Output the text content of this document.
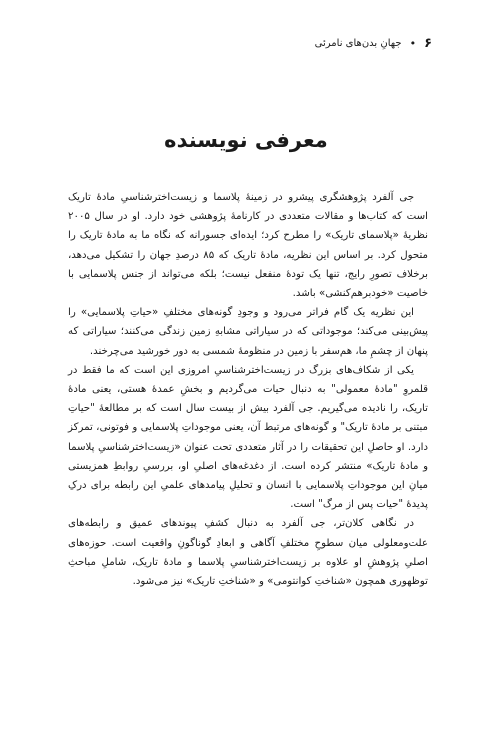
۶
•
جهانِ بدن‌های نامرئی
معرفی نویسنده

جی آلفرد پژوهشگری پیشرو در زمینهٔ پلاسما و زیست‌اخترشناسیِ مادهٔ تاریک است که کتاب‌ها و مقالات متعددی در کارنامهٔ پژوهشی خود دارد. او در سال ۲۰۰۵ نظریهٔ «پلاسمای تاریک» را مطرح کرد؛ ایده‌ای جسورانه که نگاه ما به مادهٔ تاریک را متحول کرد. بر اساس این نظریه، مادهٔ تاریک که ۸۵ درصدِ جهان را تشکیل می‌دهد، برخلاف تصورِ رایج، تنها یک تودهٔ منفعل نیست؛ بلکه می‌تواند از جنس پلاسمایی با خاصیت «خودبرهم‌کنشی» باشد.

این نظریه یک گام فراتر می‌رود و وجودِ گونه‌های مختلفِ «حیاتِ پلاسمایی» را پیش‌بینی می‌کند؛ موجوداتی که در سیاراتی مشابهِ زمین زندگی می‌کنند؛ سیاراتی که پنهان از چشمِ ما، هم‌سفر با زمین در منظومهٔ شمسی به دور خورشید می‌چرخند.

یکی از شکاف‌های بزرگ در زیست‌اخترشناسیِ امروزی این است که ما فقط در قلمروِ "مادهٔ معمولی" به دنبال حیات می‌گردیم و بخشِ عمدهٔ هستی، یعنی مادهٔ تاریک، را نادیده می‌گیریم. جی آلفرد بیش از بیست سال است که بر مطالعهٔ "حیاتِ مبتنی بر مادهٔ تاریک" و گونه‌های مرتبط آن، یعنی موجوداتِ پلاسمایی و فوتونی، تمرکز دارد. او حاصلِ این تحقیقات را در آثار متعددی تحت عنوان «زیست‌اخترشناسیِ پلاسما و مادهٔ تاریک» منتشر کرده است. از دغدغه‌های اصلیِ او، بررسیِ روابطِ همزیستی میانِ این موجوداتِ پلاسمایی با انسان و تحلیلِ پیامدهای علمیِ این رابطه برای درکِ پدیدهٔ "حیات پس از مرگ" است.

در نگاهی کلان‌تر، جی آلفرد به دنبال کشفِ پیوندهای عمیق و رابطه‌های علت‌ومعلولی میان سطوحِ مختلفِ آگاهی و ابعادِ گوناگونِ واقعیت است. حوزه‌های اصلیِ پژوهشِ او علاوه بر زیست‌اخترشناسیِ پلاسما و مادهٔ تاریک، شاملِ مباحثِ توظهوری همچون «شناختِ کوانتومی» و «شناختِ تاریک» نیز می‌شود.
